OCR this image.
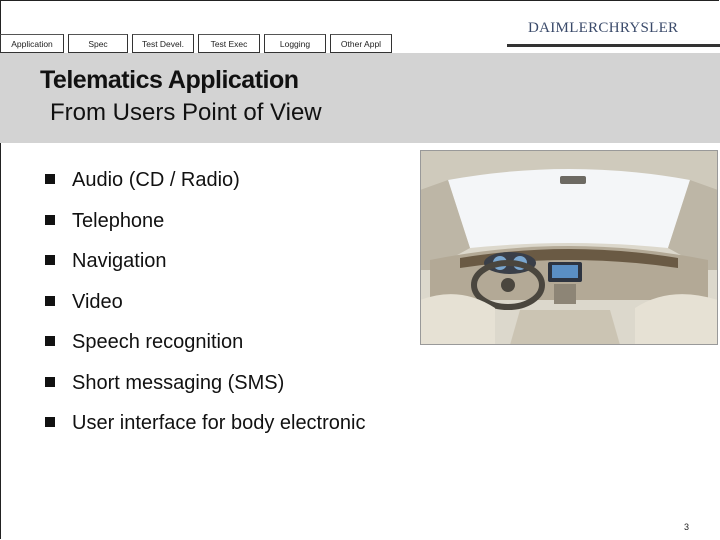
Application	Spec	Test Devel.	Test Exec	Logging	Other Appl
DAIMLERCHRYSLER
Telematics Application
From Users Point of View
Audio (CD / Radio)
Telephone
Navigation
Video
Speech recognition
Short messaging (SMS)
User interface for body electronic
3
